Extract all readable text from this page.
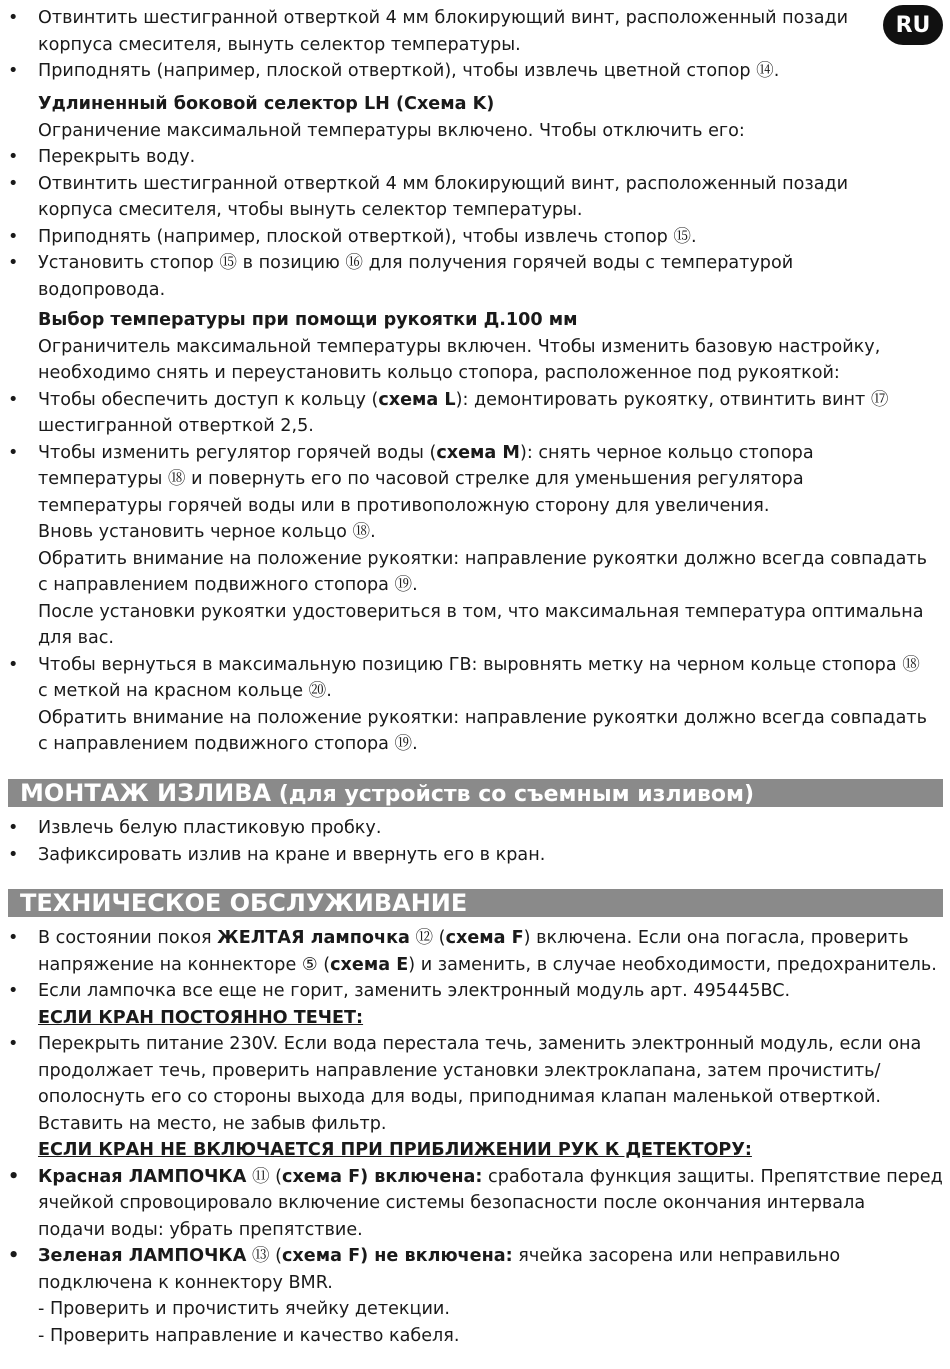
RU
•	Отвинтить шестигранной отверткой 4 мм блокирующий винт, расположенный позади
корпуса смесителя, вынуть селектор температуры.
•	Приподнять (например, плоской отверткой), чтобы извлечь цветной стопор ⑭.
Удлиненный боковой селектор LH (Схема K)
Ограничение максимальной температуры включено. Чтобы отключить его:
•	Перекрыть воду.
•	Отвинтить шестигранной отверткой 4 мм блокирующий винт, расположенный позади
корпуса смесителя, чтобы вынуть селектор температуры.
•	Приподнять (например, плоской отверткой), чтобы извлечь стопор ⑮.
•	Установить стопор ⑮ в позицию ⑯ для получения горячей воды с температурой
водопровода.
Выбор температуры при помощи рукоятки Д.100 мм
Ограничитель максимальной температуры включен. Чтобы изменить базовую настройку,
необходимо снять и переустановить кольцо стопора, расположенное под рукояткой:
•	Чтобы обеспечить доступ к кольцу (схема L): демонтировать рукоятку, отвинтить винт ⑰
шестигранной отверткой 2,5.
•	Чтобы изменить регулятор горячей воды (схема M): снять черное кольцо стопора
температуры ⑱ и повернуть его по часовой стрелке для уменьшения регулятора
температуры горячей воды или в противоположную сторону для увеличения.
Вновь установить черное кольцо ⑱.
Обратить внимание на положение рукоятки: направление рукоятки должно всегда совпадать
с направлением подвижного стопора ⑲.
После установки рукоятки удостовериться в том, что максимальная температура оптимальна
для вас.
•	Чтобы вернуться в максимальную позицию ГВ: выровнять метку на черном кольце стопора ⑱
с меткой на красном кольце ⑳.
Обратить внимание на положение рукоятки: направление рукоятки должно всегда совпадать
с направлением подвижного стопора ⑲.
МОНТАЖ ИЗЛИВА (для устройств со съемным изливом)
•	Извлечь белую пластиковую пробку.
•	Зафиксировать излив на кране и ввернуть его в кран.
ТЕХНИЧЕСКОЕ ОБСЛУЖИВАНИЕ
•	В состоянии покоя ЖЕЛТАЯ лампочка ⑫ (схема F) включена. Если она погасла, проверить
напряжение на коннекторе ⑤ (схема E) и заменить, в случае необходимости, предохранитель.
•	Если лампочка все еще не горит, заменить электронный модуль арт. 495445BC.
ЕСЛИ КРАН ПОСТОЯННО ТЕЧЕТ:
•	Перекрыть питание 230V. Если вода перестала течь, заменить электронный модуль, если она
продолжает течь, проверить направление установки электроклапана, затем прочистить/
ополоснуть его со стороны выхода для воды, приподнимая клапан маленькой отверткой.
Вставить на место, не забыв фильтр.
ЕСЛИ КРАН НЕ ВКЛЮЧАЕТСЯ ПРИ ПРИБЛИЖЕНИИ РУК К ДЕТЕКТОРУ:
•	Красная ЛАМПОЧКА ⑪ (схема F) включена: сработала функция защиты. Препятствие перед
ячейкой спровоцировало включение системы безопасности после окончания интервала
подачи воды: убрать препятствие.
•	Зеленая ЛАМПОЧКА ⑬ (схема F) не включена: ячейка засорена или неправильно
подключена к коннектору BMR.
- Проверить и прочистить ячейку детекции.
- Проверить направление и качество кабеля.
